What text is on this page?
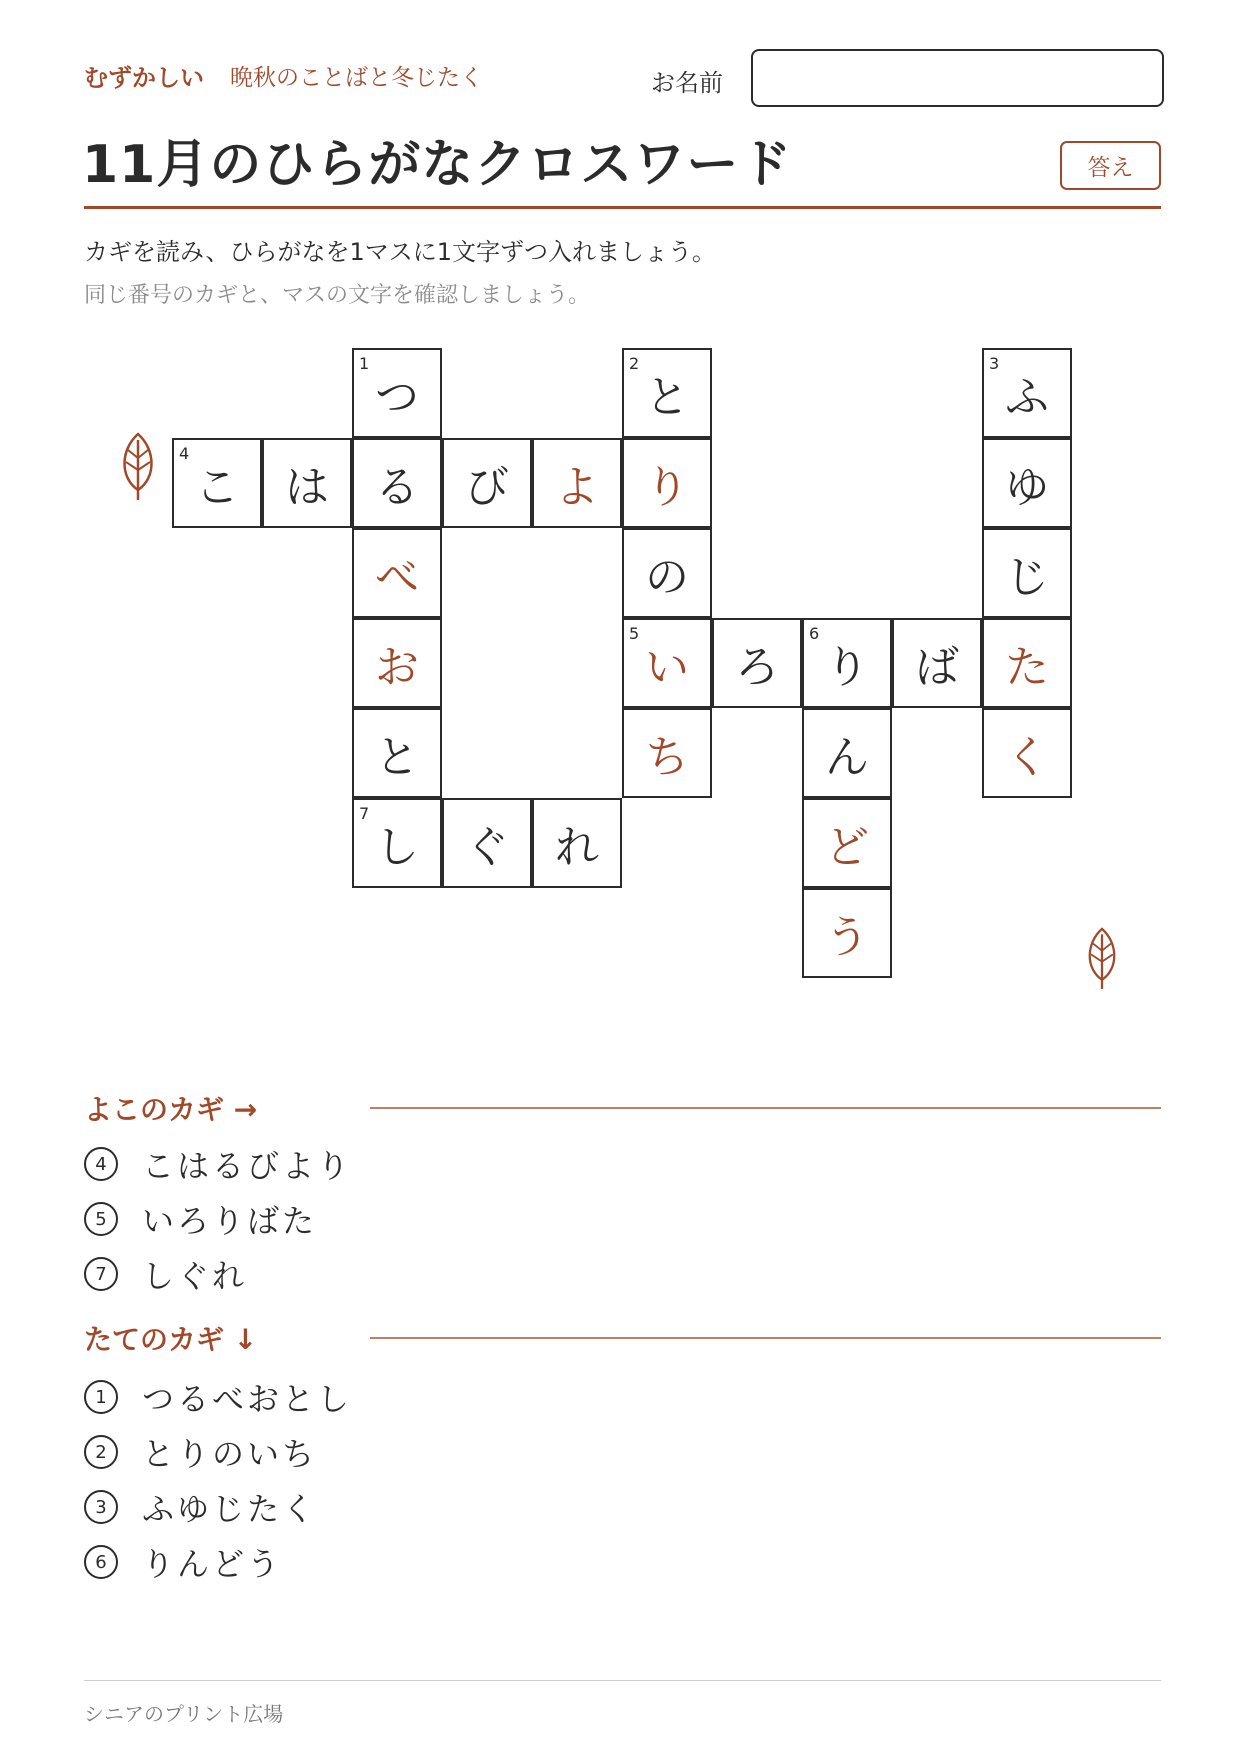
むずかしい 晩秋のことばと冬じたく	お名前
11月のひらがなクロスワード	答え
カギを読み、ひらがなを1マスに1文字ずつ入れましょう。
同じ番号のカギと、マスの文字を確認しましょう。
1
つ
2
と
3
ふ
4
こ	は	る	び	よ	り	ゆ
べ	の	じ
お
5
い	ろ
6
り	ば	た
と	ち	ん	く
7
し	ぐ	れ	ど
う
よこのカギ →
4	こはるびより
5	いろりばた
7	しぐれ
たてのカギ ↓
1	つるべおとし
2	とりのいち
3	ふゆじたく
6	りんどう
シニアのプリント広場
